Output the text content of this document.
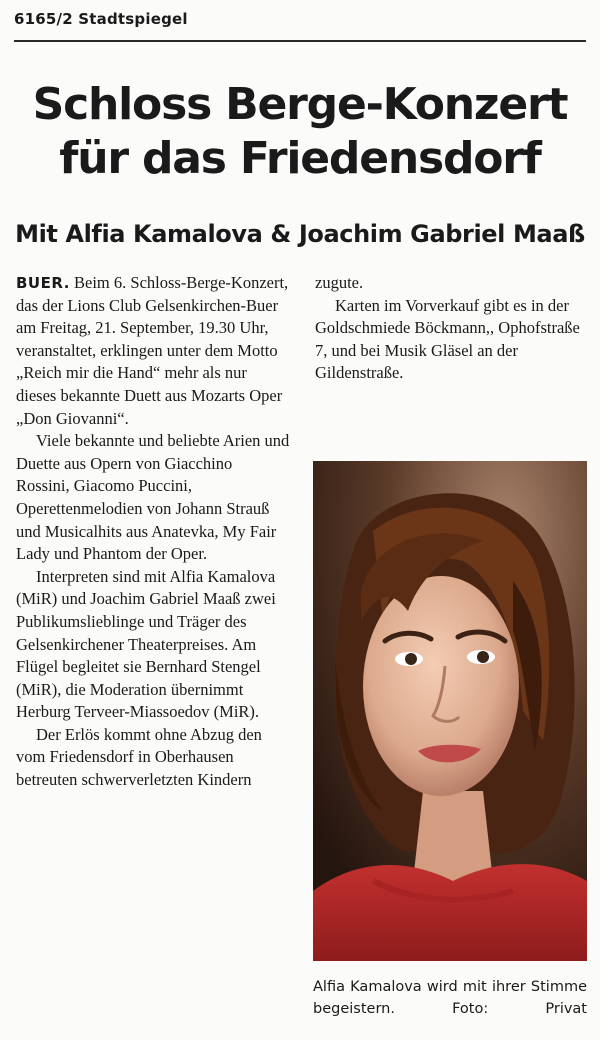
6165/2 Stadtspiegel
Schloss Berge-Konzert
für das Friedensdorf
Mit Alfia Kamalova & Joachim Gabriel Maaß

BUER. Beim 6. Schloss-Berge-Konzert, das der Lions Club Gelsenkirchen-Buer am Freitag, 21. September, 19.30 Uhr, veranstaltet, erklingen unter dem Motto „Reich mir die Hand“ mehr als nur dieses bekannte Duett aus Mozarts Oper „Don Giovanni“.

Viele bekannte und beliebte Arien und Duette aus Opern von Giacchino Rossini, Giacomo Puccini, Operettenmelodien von Johann Strauß und Musicalhits aus Anatevka, My Fair Lady und Phantom der Oper.

Interpreten sind mit Alfia Kamalova (MiR) und Joachim Gabriel Maaß zwei Publikumslieblinge und Träger des Gelsenkirchener Theaterpreises. Am Flügel begleitet sie Bernhard Stengel (MiR), die Moderation übernimmt Herburg Terveer-Miassoedov (MiR).

Der Erlös kommt ohne Abzug den vom Friedensdorf in Oberhausen betreuten schwerverletzten Kindern

zugute.

Karten im Vorverkauf gibt es in der Goldschmiede Böckmann,, Ophofstraße 7, und bei Musik Gläsel an der Gildenstraße.

Alfia Kamalova wird mit ihrer Stimme begeistern. Foto: Privat
